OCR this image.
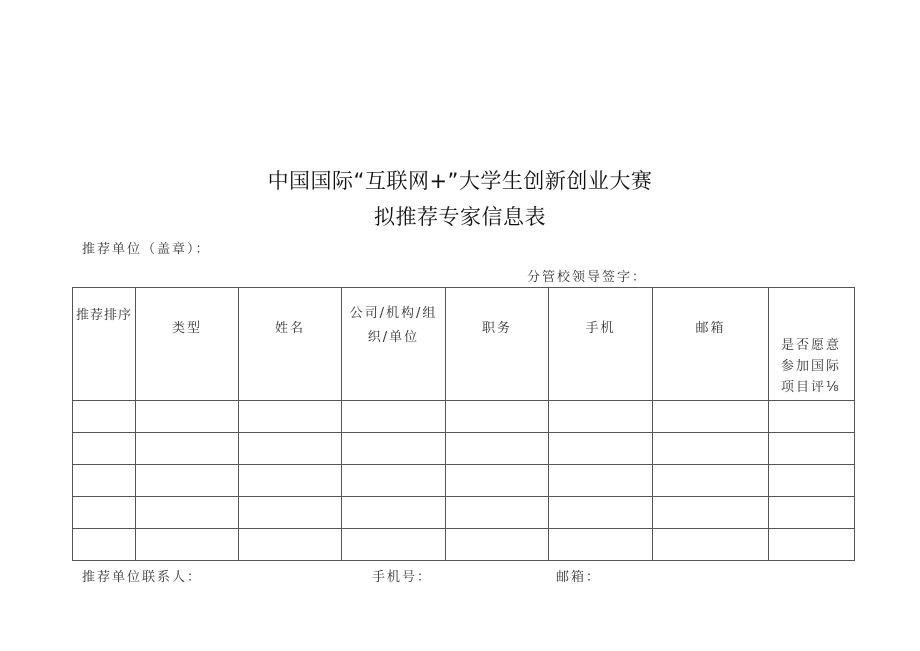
中国国际“互联网+”大学生创新创业大赛
拟推荐专家信息表
推荐单位（盖章）：
分管校领导签字：
推荐排序	类型	姓名	公司/机构/组织/单位	职务	手机	邮箱	是否愿意参加国际项目评⅛

推荐单位联系人：	手机号：	邮箱：
